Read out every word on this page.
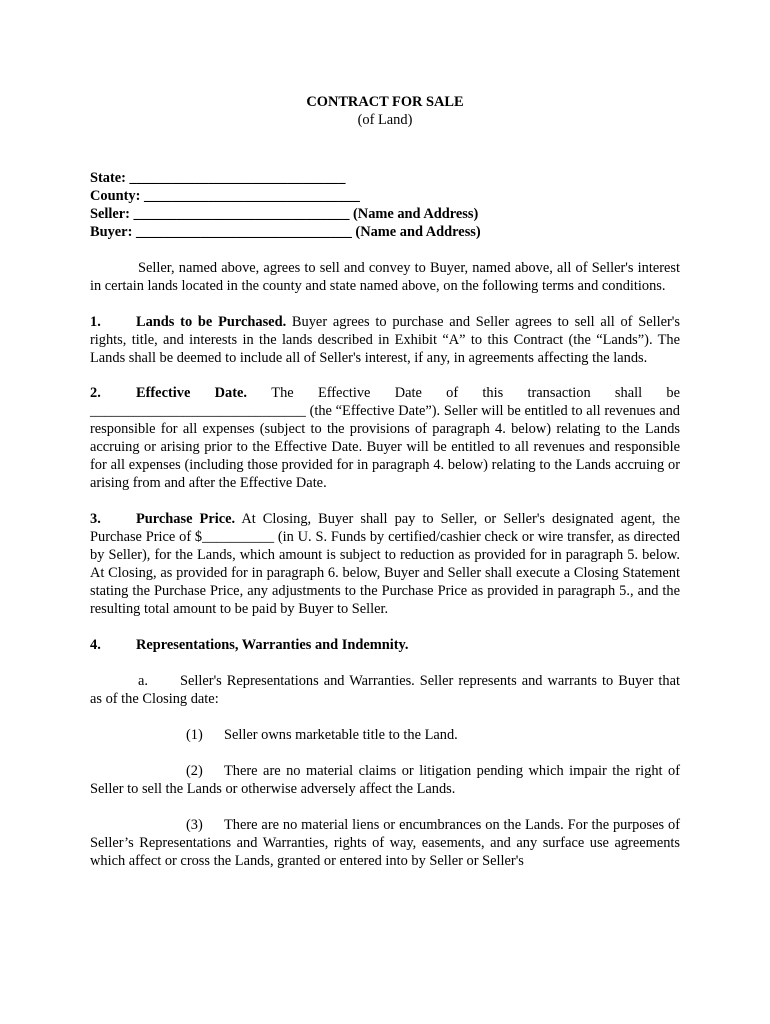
CONTRACT FOR SALE

(of Land)

State: ______________________________
County: ______________________________
Seller: ______________________________ (Name and Address)
Buyer: ______________________________ (Name and Address)

Seller, named above, agrees to sell and convey to Buyer, named above, all of Seller's interest in certain lands located in the county and state named above, on the following terms and conditions.

1. Lands to be Purchased. Buyer agrees to purchase and Seller agrees to sell all of Seller's rights, title, and interests in the lands described in Exhibit “A” to this Contract (the “Lands”). The Lands shall be deemed to include all of Seller's interest, if any, in agreements affecting the lands.

2. Effective Date. The Effective Date of this transaction shall be

______________________________ (the “Effective Date”). Seller will be entitled to all revenues and responsible for all expenses (subject to the provisions of paragraph 4. below) relating to the Lands accruing or arising prior to the Effective Date. Buyer will be entitled to all revenues and responsible for all expenses (including those provided for in paragraph 4. below) relating to the Lands accruing or arising from and after the Effective Date.

3. Purchase Price. At Closing, Buyer shall pay to Seller, or Seller's designated agent, the Purchase Price of $__________ (in U. S. Funds by certified/cashier check or wire transfer, as directed by Seller), for the Lands, which amount is subject to reduction as provided for in paragraph 5. below. At Closing, as provided for in paragraph 6. below, Buyer and Seller shall execute a Closing Statement stating the Purchase Price, any adjustments to the Purchase Price as provided in paragraph 5., and the resulting total amount to be paid by Buyer to Seller.

4. Representations, Warranties and Indemnity.

a. Seller's Representations and Warranties. Seller represents and warrants to Buyer that as of the Closing date:

(1) Seller owns marketable title to the Land.

(2) There are no material claims or litigation pending which impair the right of Seller to sell the Lands or otherwise adversely affect the Lands.

(3) There are no material liens or encumbrances on the Lands. For the purposes of Seller’s Representations and Warranties, rights of way, easements, and any surface use agreements which affect or cross the Lands, granted or entered into by Seller or Seller's
